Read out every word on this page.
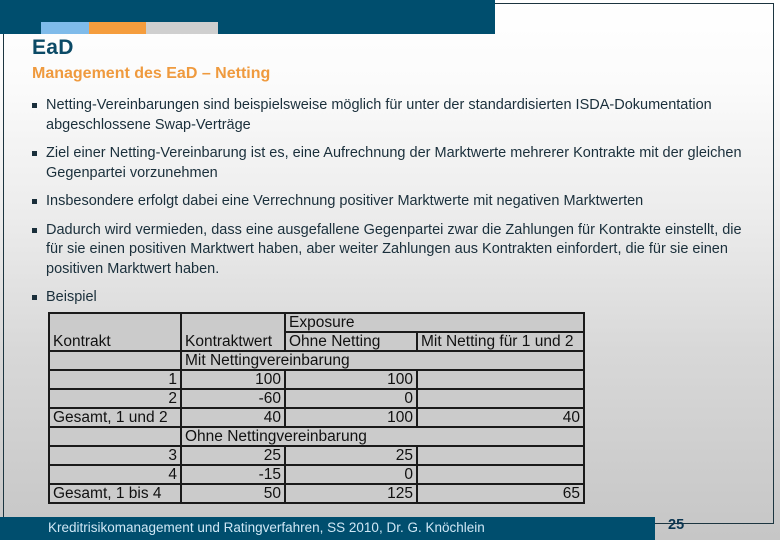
EaD
Management des EaD – Netting
Netting-Vereinbarungen sind beispielsweise möglich für unter der standardisierten ISDA-Dokumentation abgeschlossene Swap-Verträge
Ziel einer Netting-Vereinbarung ist es, eine Aufrechnung der Marktwerte mehrerer Kontrakte mit der gleichen Gegenpartei vorzunehmen
Insbesondere erfolgt dabei eine Verrechnung positiver Marktwerte mit negativen Marktwerten
Dadurch wird vermieden, dass eine ausgefallene Gegenpartei zwar die Zahlungen für Kontrakte einstellt, die für sie einen positiven Marktwert haben, aber weiter Zahlungen aus Kontrakten einfordert, die für sie einen positiven Marktwert haben.
Beispiel
Kontrakt	Kontraktwert	Exposure	
		Ohne Netting	Mit Netting für 1 und 2
	Mit Nettingvereinbarung		
1	100	100	
2	-60	0	
Gesamt, 1 und 2	40	100	40
	Ohne Nettingvereinbarung		
3	25	25	
4	-15	0	
Gesamt, 1 bis 4	50	125	65
Kreditrisikomanagement und Ratingverfahren, SS 2010, Dr. G. Knöchlein	25
